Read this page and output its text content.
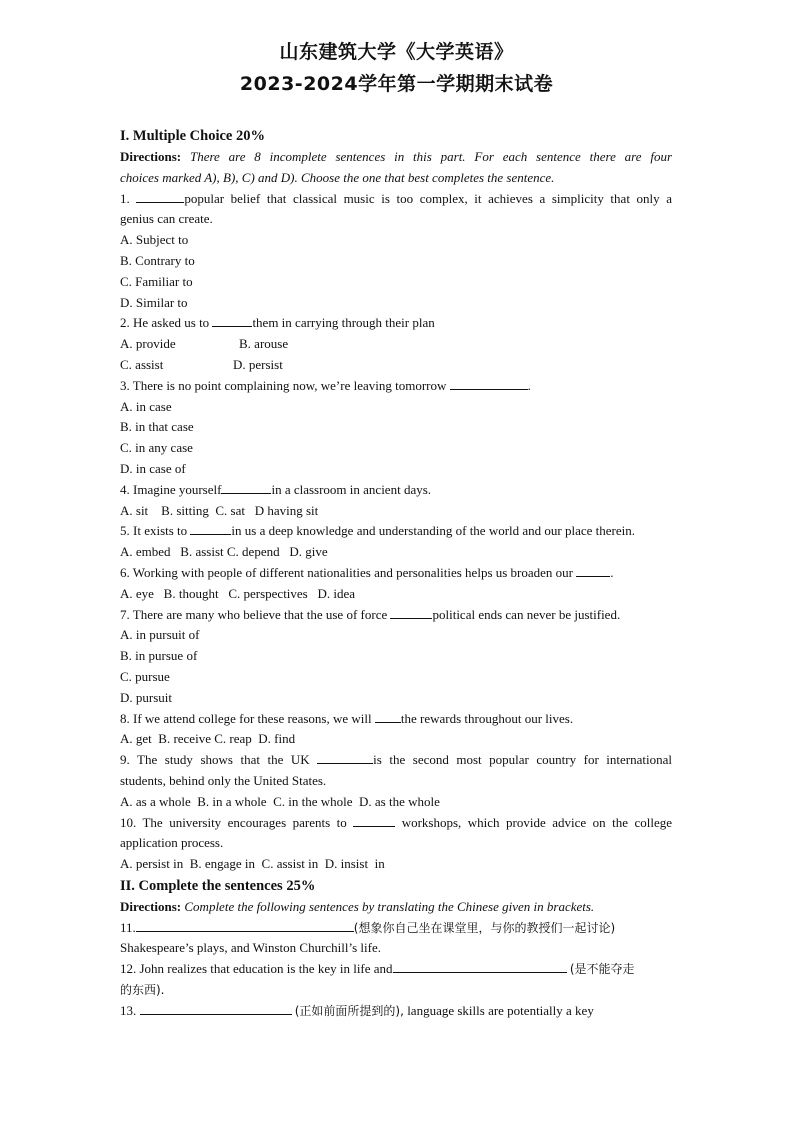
山东建筑大学《大学英语》
2023-2024学年第一学期期末试卷
I. Multiple Choice 20%
Directions: There are 8 incomplete sentences in this part. For each sentence there are four
choices marked A), B), C) and D). Choose the one that best completes the sentence.
1.	popular belief that classical music is too complex, it achieves a simplicity that only a
genius can create.
A. Subject to
B. Contrary to
C. Familiar to
D. Similar to
2. He asked us to	them in carrying through their plan
A. provide	B. arouse
C. assist	D. persist
3. There is no point complaining now, we’re leaving tomorrow	.
A. in case
B. in that case
C. in any case
D. in case of
4. Imagine yourself	in a classroom in ancient days.
A. sit    B. sitting  C. sat   D having sit
5. It exists to	in us a deep knowledge and understanding of the world and our place therein.
A. embed   B. assist C. depend   D. give
6. Working with people of different nationalities and personalities helps us broaden our	.
A. eye   B. thought   C. perspectives   D. idea
7. There are many who believe that the use of force	political ends can never be justified.
A. in pursuit of
B. in pursue of
C. pursue
D. pursuit
8. If we attend college for these reasons, we will the rewards throughout our lives.
A. get  B. receive C. reap  D. find
9. The study shows that the UK	is the second most popular country for international
students, behind only the United States.
A. as a whole  B. in a whole  C. in the whole  D. as the whole
10. The university encourages parents to	workshops, which provide advice on the college
application process.
A. persist in  B. engage in  C. assist in  D. insist  in
II. Complete the sentences 25%
Directions: Complete the following sentences by translating the Chinese given in brackets.
11.	(想象你自己坐在课堂里，与你的教授们一起讨论)
Shakespeare’s plays, and Winston Churchill’s life.
12. John realizes that education is the key in life and	(是不能夺走
的东西).
13.	(正如前面所提到的), language skills are potentially a key
